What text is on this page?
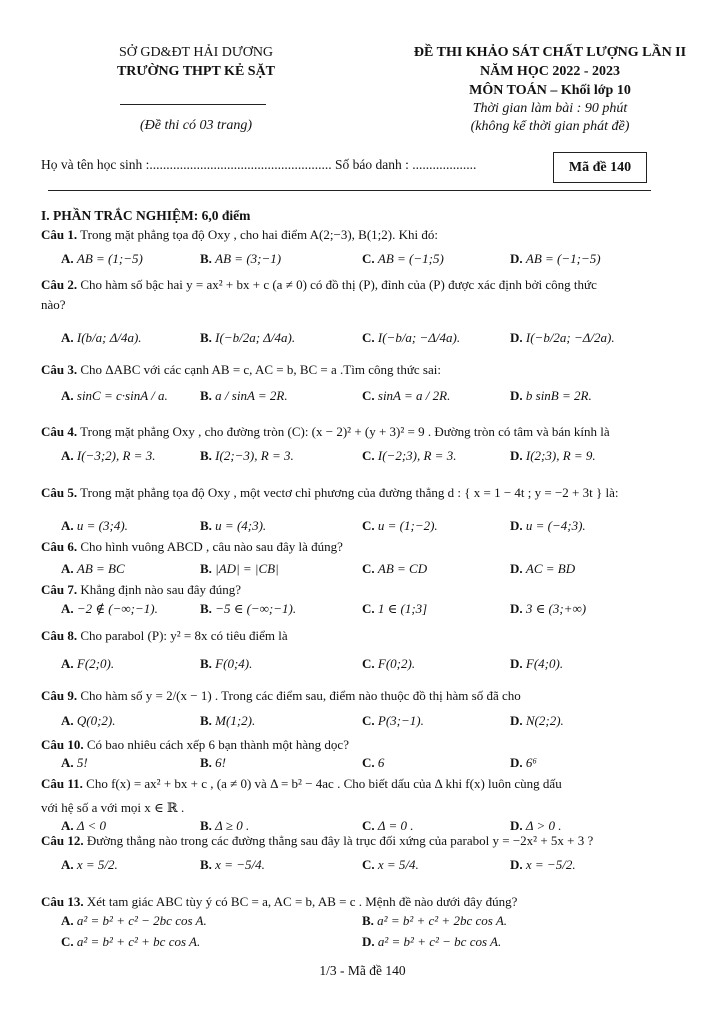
SỞ GD&ĐT HẢI DƯƠNG
TRƯỜNG THPT KẺ SẶT
(Đề thi có 03 trang)
ĐỀ THI KHẢO SÁT CHẤT LƯỢNG LẦN II
NĂM HỌC 2022 - 2023
MÔN TOÁN – Khối lớp 10
Thời gian làm bài : 90 phút
(không kể thời gian phát đề)
Họ và tên học sinh :...................................................... Số báo danh : ...................	Mã đề 140
I. PHẦN TRẮC NGHIỆM: 6,0 điểm
Câu 1. Trong mặt phẳng tọa độ Oxy , cho hai điểm A(2;−3), B(1;2). Khi đó:
A. AB = (1;−5)	B. AB = (3;−1)	C. AB = (−1;5)	D. AB = (−1;−5)
Câu 2. Cho hàm số bậc hai y = ax² + bx + c (a ≠ 0) có đồ thị (P), đỉnh của (P) được xác định bởi công thức
nào?
A. I(b/a; Δ/4a).	B. I(−b/2a; Δ/4a).	C. I(−b/a; −Δ/4a).	D. I(−b/2a; −Δ/2a).
Câu 3. Cho ΔABC với các cạnh AB = c, AC = b, BC = a .Tìm công thức sai:
A. sinC = c·sinA / a. B. a / sinA = 2R.	C. sinA = a / 2R.	D. b sinB = 2R.
Câu 4. Trong mặt phẳng Oxy , cho đường tròn (C): (x − 2)² + (y + 3)² = 9 . Đường tròn có tâm và bán kính là
A. I(−3;2), R = 3.	B. I(2;−3), R = 3.	C. I(−2;3), R = 3.	D. I(2;3), R = 9.
Câu 5. Trong mặt phẳng tọa độ Oxy , một vectơ chỉ phương của đường thẳng d : { x = 1 − 4t ; y = −2 + 3t } là:
A. u = (3;4).	B. u = (4;3).	C. u = (1;−2).	D. u = (−4;3).
Câu 6. Cho hình vuông ABCD , câu nào sau đây là đúng?
A. AB = BC	B. |AD| = |CB|	C. AB = CD	D. AC = BD
Câu 7. Khẳng định nào sau đây đúng?
A. −2 ∉ (−∞;−1).	B. −5 ∈ (−∞;−1).	C. 1 ∈ (1;3]	D. 3 ∈ (3;+∞)
Câu 8. Cho parabol (P): y² = 8x có tiêu điểm là
A. F(2;0).	B. F(0;4).	C. F(0;2).	D. F(4;0).
Câu 9. Cho hàm số y = 2/(x − 1) . Trong các điểm sau, điểm nào thuộc đồ thị hàm số đã cho
A. Q(0;2).	B. M(1;2).	C. P(3;−1).	D. N(2;2).
Câu 10. Có bao nhiêu cách xếp 6 bạn thành một hàng dọc?
A. 5!	B. 6!	C. 6	D. 6⁶
Câu 11. Cho f(x) = ax² + bx + c , (a ≠ 0) và Δ = b² − 4ac . Cho biết dấu của Δ khi f(x) luôn cùng dấu
với hệ số a với mọi x ∈ ℝ .
A. Δ < 0	B. Δ ≥ 0 .	C. Δ = 0 .	D. Δ > 0 .
Câu 12. Đường thẳng nào trong các đường thẳng sau đây là trục đối xứng của parabol y = −2x² + 5x + 3 ?
A. x = 5/2.	B. x = −5/4.	C. x = 5/4.	D. x = −5/2.
Câu 13. Xét tam giác ABC tùy ý có BC = a, AC = b, AB = c . Mệnh đề nào dưới đây đúng?
A. a² = b² + c² − 2bc cos A.	B. a² = b² + c² + 2bc cos A.
C. a² = b² + c² + bc cos A.	D. a² = b² + c² − bc cos A.
1/3 - Mã đề 140
